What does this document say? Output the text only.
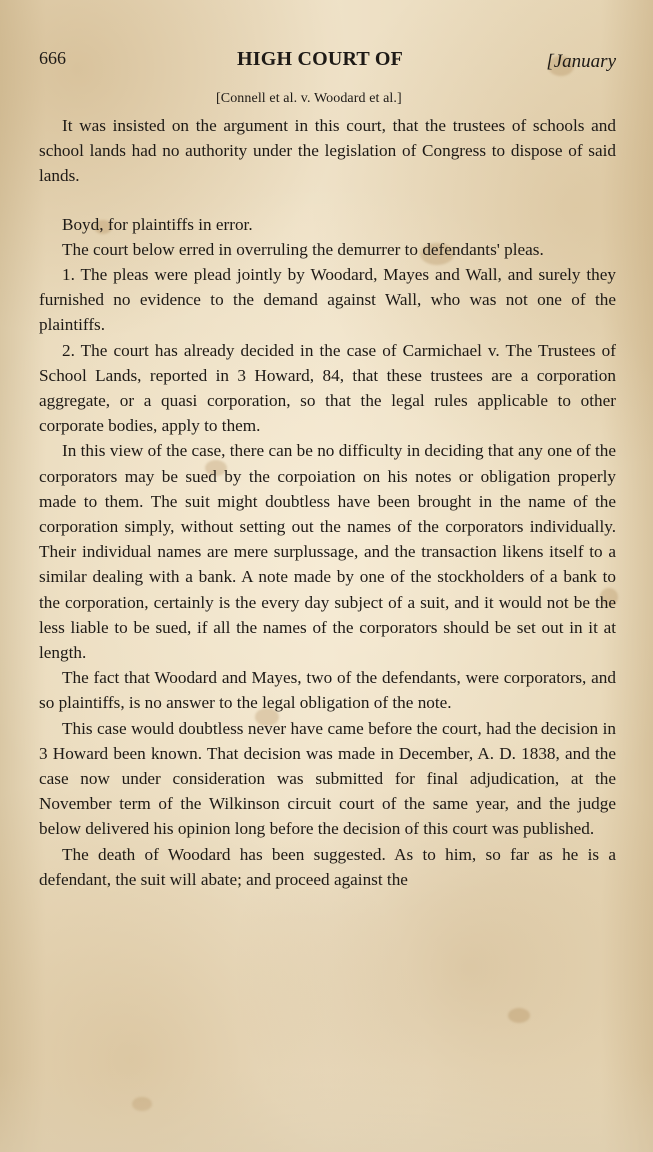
666	HIGH COURT OF	[January
[Connell et al. v. Woodard et al.]

It was insisted on the argument in this court, that the trustees of schools and school lands had no authority under the legislation of Congress to dispose of said lands.

Boyd, for plaintiffs in error.

The court below erred in overruling the demurrer to defendants' pleas.

1. The pleas were plead jointly by Woodard, Mayes and Wall, and surely they furnished no evidence to the demand against Wall, who was not one of the plaintiffs.

2. The court has already decided in the case of Carmichael v. The Trustees of School Lands, reported in 3 Howard, 84, that these trustees are a corporation aggregate, or a quasi corporation, so that the legal rules applicable to other corporate bodies, apply to them.

In this view of the case, there can be no difficulty in deciding that any one of the corporators may be sued by the corpoiation on his notes or obligation properly made to them. The suit might doubtless have been brought in the name of the corporation simply, without setting out the names of the corporators individually. Their individual names are mere surplussage, and the transaction likens itself to a similar dealing with a bank. A note made by one of the stockholders of a bank to the corporation, certainly is the every day subject of a suit, and it would not be the less liable to be sued, if all the names of the corporators should be set out in it at length.

The fact that Woodard and Mayes, two of the defendants, were corporators, and so plaintiffs, is no answer to the legal obligation of the note.

This case would doubtless never have came before the court, had the decision in 3 Howard been known. That decision was made in December, A. D. 1838, and the case now under consideration was submitted for final adjudication, at the November term of the Wilkinson circuit court of the same year, and the judge below delivered his opinion long before the decision of this court was published.

The death of Woodard has been suggested. As to him, so far as he is a defendant, the suit will abate; and proceed against the
